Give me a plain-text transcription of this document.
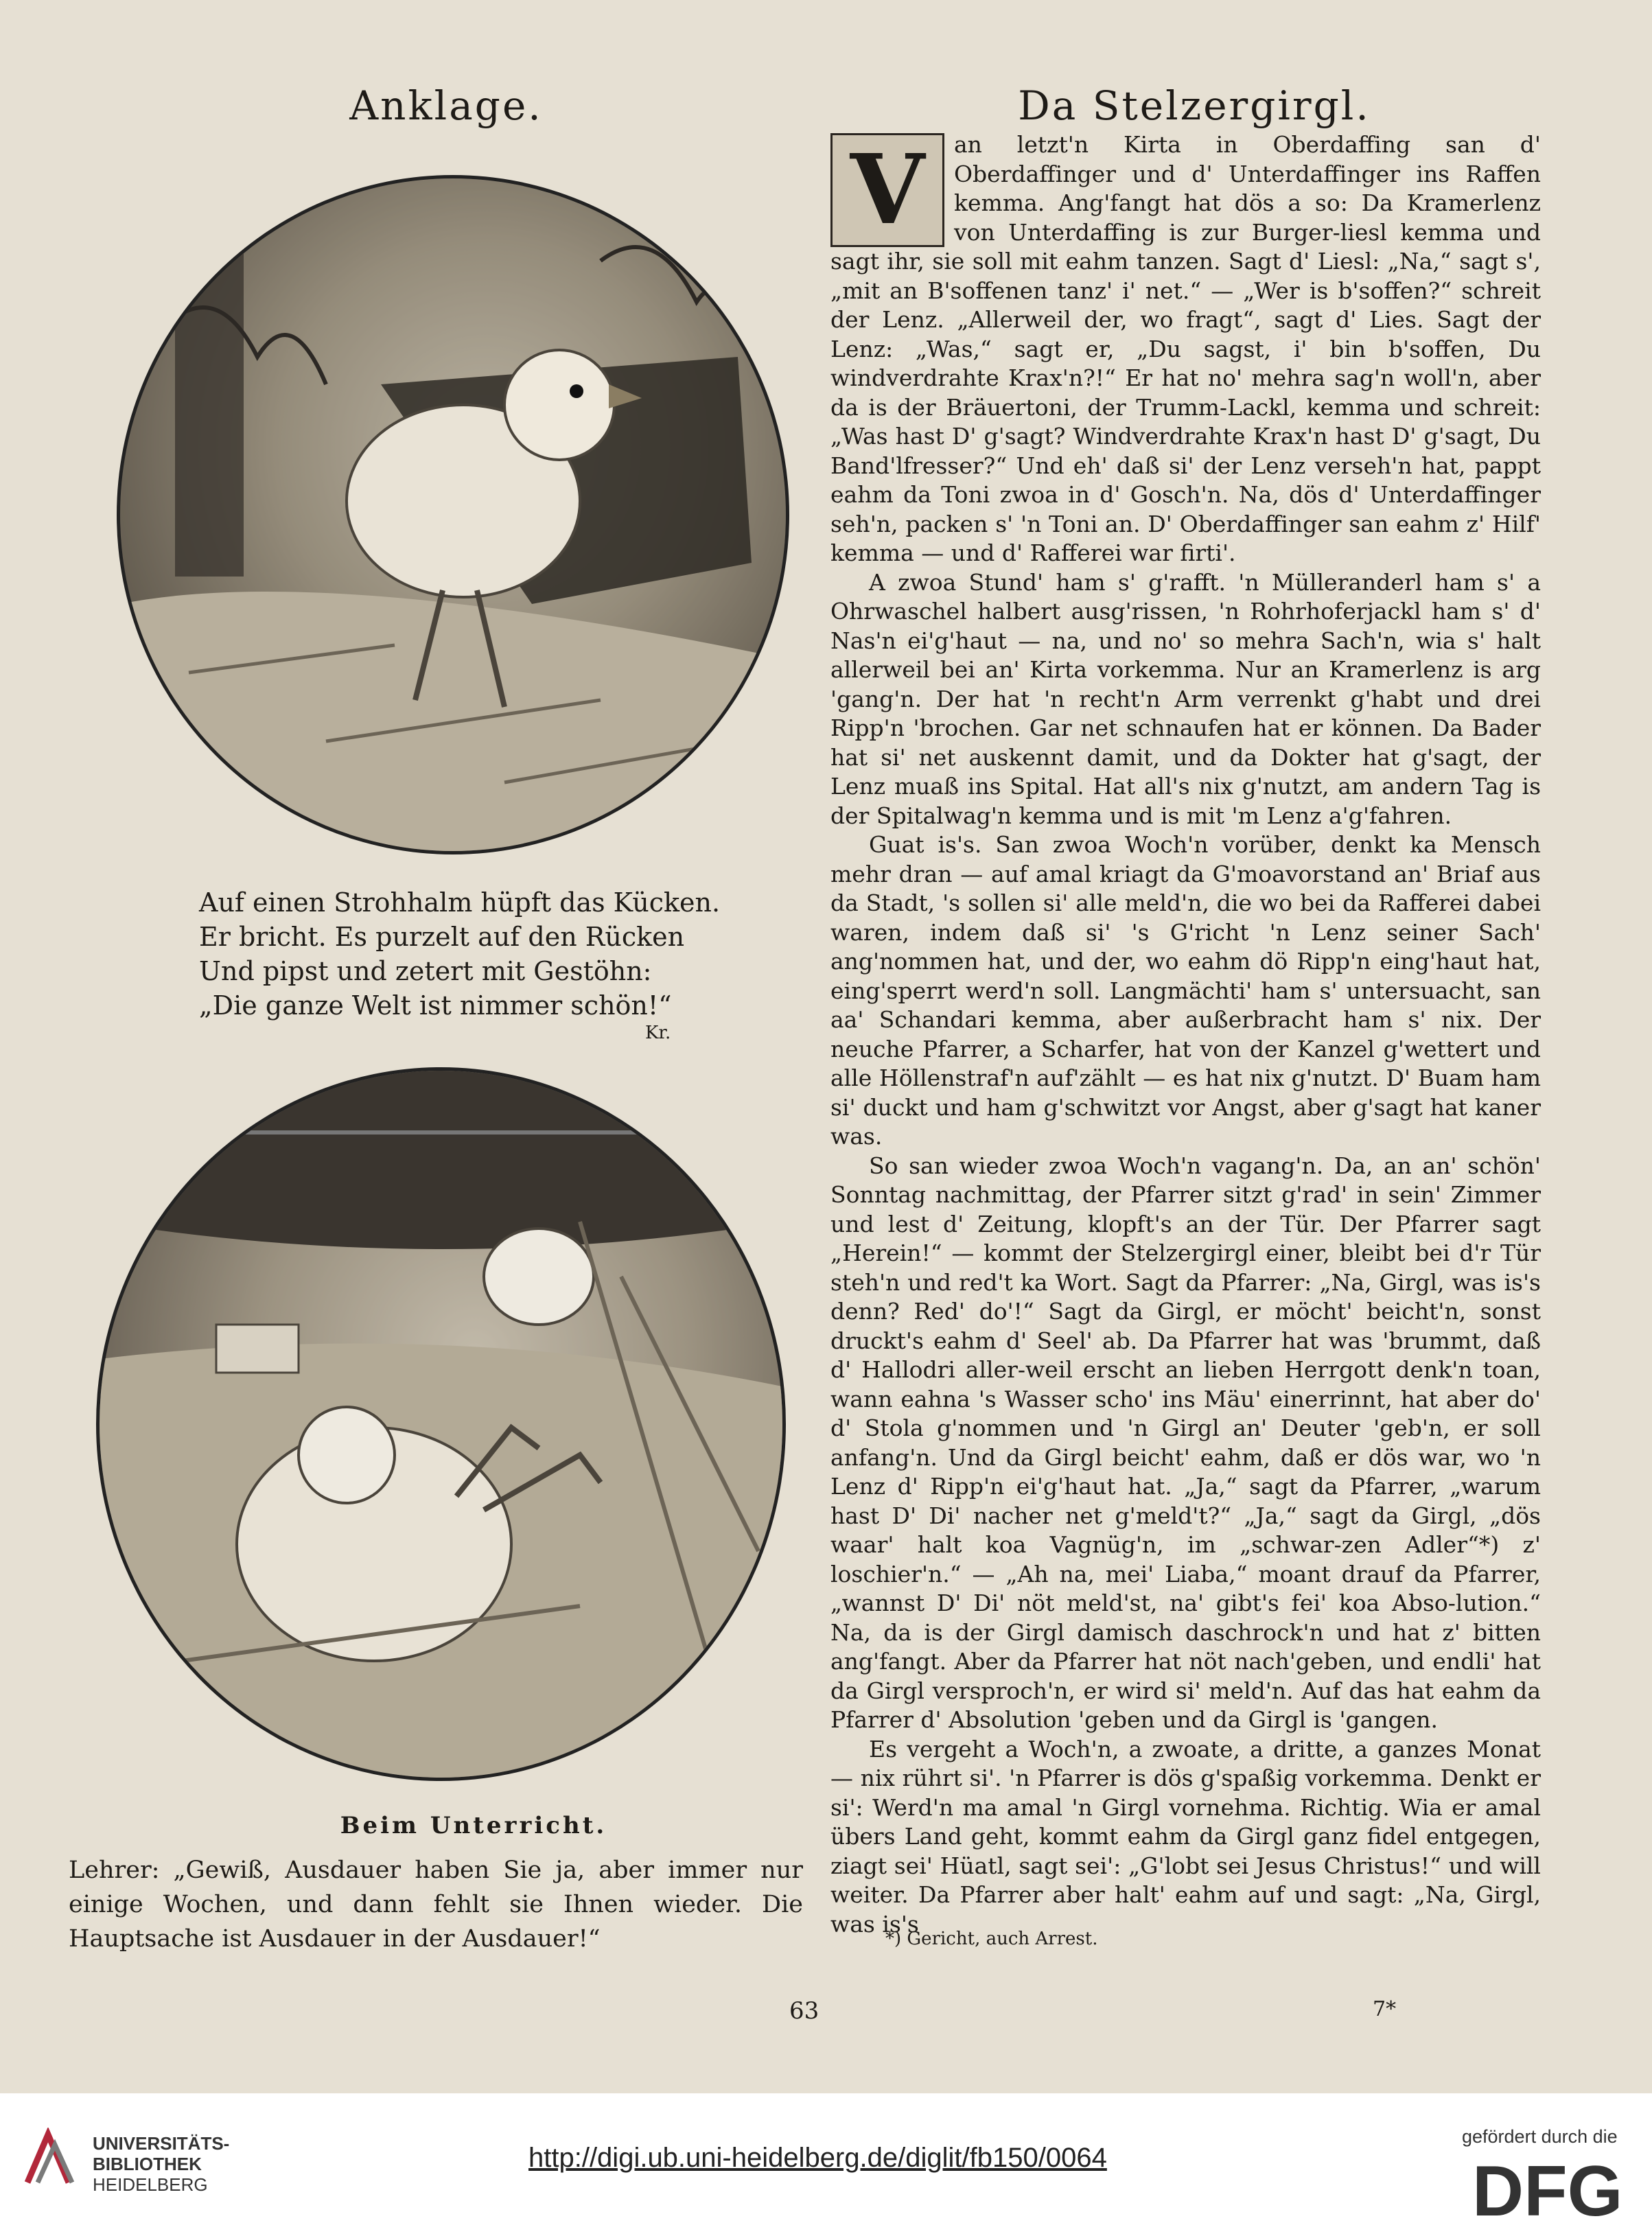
Anklage.	Da Stelzergirgl.
Auf einen Strohhalm hüpft das Kücken.
Er bricht. Es purzelt auf den Rücken
Und pipst und zetert mit Gestöhn:
„Die ganze Welt ist nimmer schön!“
Kr.
E. Reinicke
Beim Unterricht.
Lehrer: „Gewiß, Ausdauer haben Sie ja, aber immer nur einige Wochen, und dann fehlt sie Ihnen wieder. Die Hauptsache ist Ausdauer in der Ausdauer!“

V	an letzt'n Kirta in Oberdaffing san d' Oberdaffinger und d' Unterdaffinger ins Raffen kemma. Ang'fangt hat dös a so: Da Kramerlenz von Unterdaffing is zur Burger-liesl kemma und sagt ihr, sie soll mit eahm tanzen. Sagt d' Liesl: „Na,“ sagt s', „mit an B'soffenen tanz' i' net.“ — „Wer is b'soffen?“ schreit der Lenz. „Allerweil der, wo fragt“, sagt d' Lies. Sagt der Lenz: „Was,“ sagt er, „Du sagst, i' bin b'soffen, Du windverdrahte Krax'n?!“ Er hat no' mehra sag'n woll'n, aber da is der Bräuertoni, der Trumm-Lackl, kemma und schreit: „Was hast D' g'sagt? Windverdrahte Krax'n hast D' g'sagt, Du Band'lfresser?“ Und eh' daß si' der Lenz verseh'n hat, pappt eahm da Toni zwoa in d' Gosch'n. Na, dös d' Unterdaffinger seh'n, packen s' 'n Toni an. D' Oberdaffinger san eahm z' Hilf' kemma — und d' Rafferei war firti'.

A zwoa Stund' ham s' g'rafft. 'n Mülleranderl ham s' a Ohrwaschel halbert ausg'rissen, 'n Rohrhoferjackl ham s' d' Nas'n ei'g'haut — na, und no' so mehra Sach'n, wia s' halt allerweil bei an' Kirta vorkemma. Nur an Kramerlenz is arg 'gang'n. Der hat 'n recht'n Arm verrenkt g'habt und drei Ripp'n 'brochen. Gar net schnaufen hat er können. Da Bader hat si' net auskennt damit, und da Dokter hat g'sagt, der Lenz muaß ins Spital. Hat all's nix g'nutzt, am andern Tag is der Spitalwag'n kemma und is mit 'm Lenz a'g'fahren.

Guat is's. San zwoa Woch'n vorüber, denkt ka Mensch mehr dran — auf amal kriagt da G'moavorstand an' Briaf aus da Stadt, 's sollen si' alle meld'n, die wo bei da Rafferei dabei waren, indem daß si' 's G'richt 'n Lenz seiner Sach' ang'nommen hat, und der, wo eahm dö Ripp'n eing'haut hat, eing'sperrt werd'n soll. Langmächti' ham s' untersuacht, san aa' Schandari kemma, aber außerbracht ham s' nix. Der neuche Pfarrer, a Scharfer, hat von der Kanzel g'wettert und alle Höllenstraf'n auf'zählt — es hat nix g'nutzt. D' Buam ham si' duckt und ham g'schwitzt vor Angst, aber g'sagt hat kaner was.

So san wieder zwoa Woch'n vagang'n. Da, an an' schön' Sonntag nachmittag, der Pfarrer sitzt g'rad' in sein' Zimmer und lest d' Zeitung, klopft's an der Tür. Der Pfarrer sagt „Herein!“ — kommt der Stelzergirgl einer, bleibt bei d'r Tür steh'n und red't ka Wort. Sagt da Pfarrer: „Na, Girgl, was is's denn? Red' do'!“ Sagt da Girgl, er möcht' beicht'n, sonst druckt's eahm d' Seel' ab. Da Pfarrer hat was 'brummt, daß d' Hallodri aller-weil erscht an lieben Herrgott denk'n toan, wann eahna 's Wasser scho' ins Mäu' einerrinnt, hat aber do' d' Stola g'nommen und 'n Girgl an' Deuter 'geb'n, er soll anfang'n. Und da Girgl beicht' eahm, daß er dös war, wo 'n Lenz d' Ripp'n ei'g'haut hat. „Ja,“ sagt da Pfarrer, „warum hast D' Di' nacher net g'meld't?“ „Ja,“ sagt da Girgl, „dös waar' halt koa Vagnüg'n, im „schwar-zen Adler“*) z' loschier'n.“ — „Ah na, mei' Liaba,“ moant drauf da Pfarrer, „wannst D' Di' nöt meld'st, na' gibt's fei' koa Abso-lution.“ Na, da is der Girgl damisch daschrock'n und hat z' bitten ang'fangt. Aber da Pfarrer hat nöt nach'geben, und endli' hat da Girgl versproch'n, er wird si' meld'n. Auf das hat eahm da Pfarrer d' Absolution 'geben und da Girgl is 'gangen.

Es vergeht a Woch'n, a zwoate, a dritte, a ganzes Monat — nix rührt si'. 'n Pfarrer is dös g'spaßig vorkemma. Denkt er si': Werd'n ma amal 'n Girgl vornehma. Richtig. Wia er amal übers Land geht, kommt eahm da Girgl ganz fidel entgegen, ziagt sei' Hüatl, sagt sei': „G'lobt sei Jesus Christus!“ und will weiter. Da Pfarrer aber halt' eahm auf und sagt: „Na, Girgl, was is's

*) Gericht, auch Arrest.
63	7*
UNIVERSITÄTS-
BIBLIOTHEK
HEIDELBERG
http://digi.ub.uni-heidelberg.de/diglit/fb150/0064
gefördert durch die
DFG
